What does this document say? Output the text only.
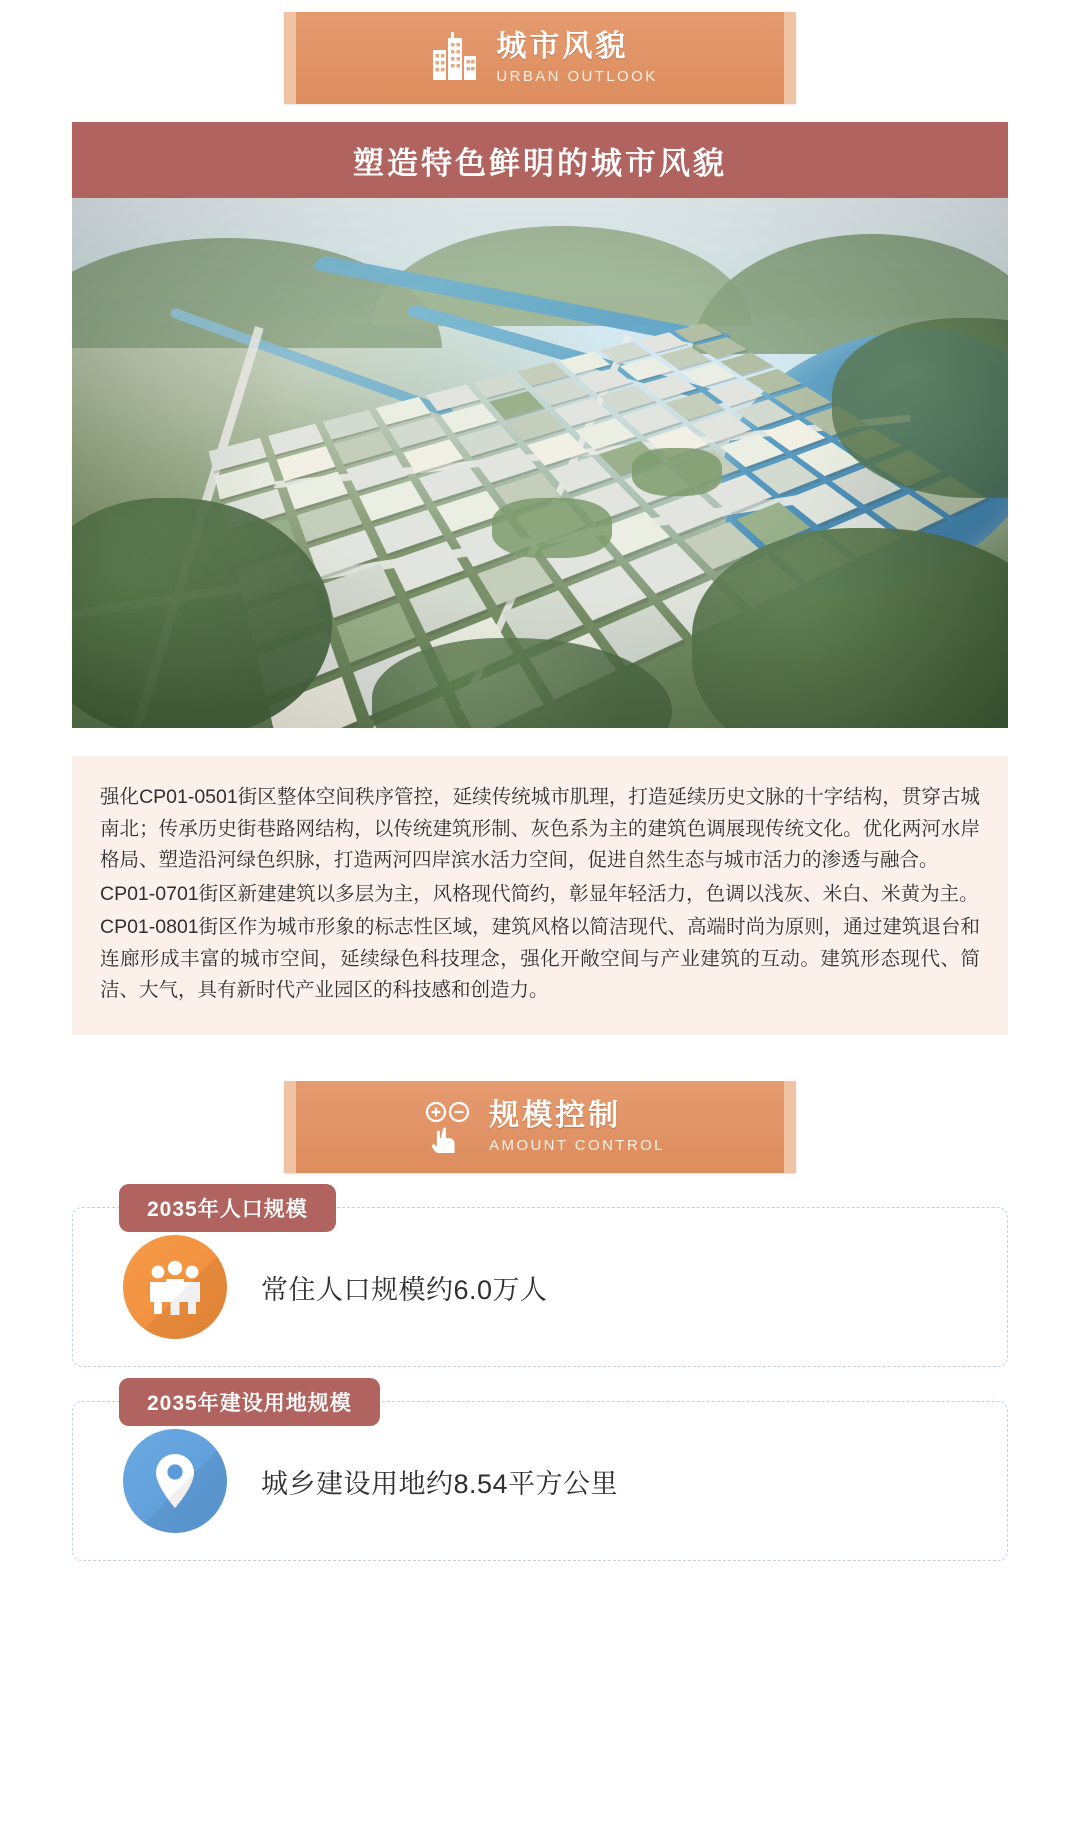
城市风貌
URBAN OUTLOOK
塑造特色鲜明的城市风貌

强化CP01-0501街区整体空间秩序管控，延续传统城市肌理，打造延续历史文脉的十字结构，贯穿古城南北；传承历史街巷路网结构，以传统建筑形制、灰色系为主的建筑色调展现传统文化。优化两河水岸格局、塑造沿河绿色织脉，打造两河四岸滨水活力空间，促进自然生态与城市活力的渗透与融合。

CP01-0701街区新建建筑以多层为主，风格现代简约，彰显年轻活力，色调以浅灰、米白、米黄为主。

CP01-0801街区作为城市形象的标志性区域，建筑风格以简洁现代、高端时尚为原则，通过建筑退台和连廊形成丰富的城市空间，延续绿色科技理念，强化开敞空间与产业建筑的互动。建筑形态现代、简洁、大气，具有新时代产业园区的科技感和创造力。

规模控制
AMOUNT CONTROL
2035年人口规模
常住人口规模约6.0万人
2035年建设用地规模
城乡建设用地约8.54平方公里
